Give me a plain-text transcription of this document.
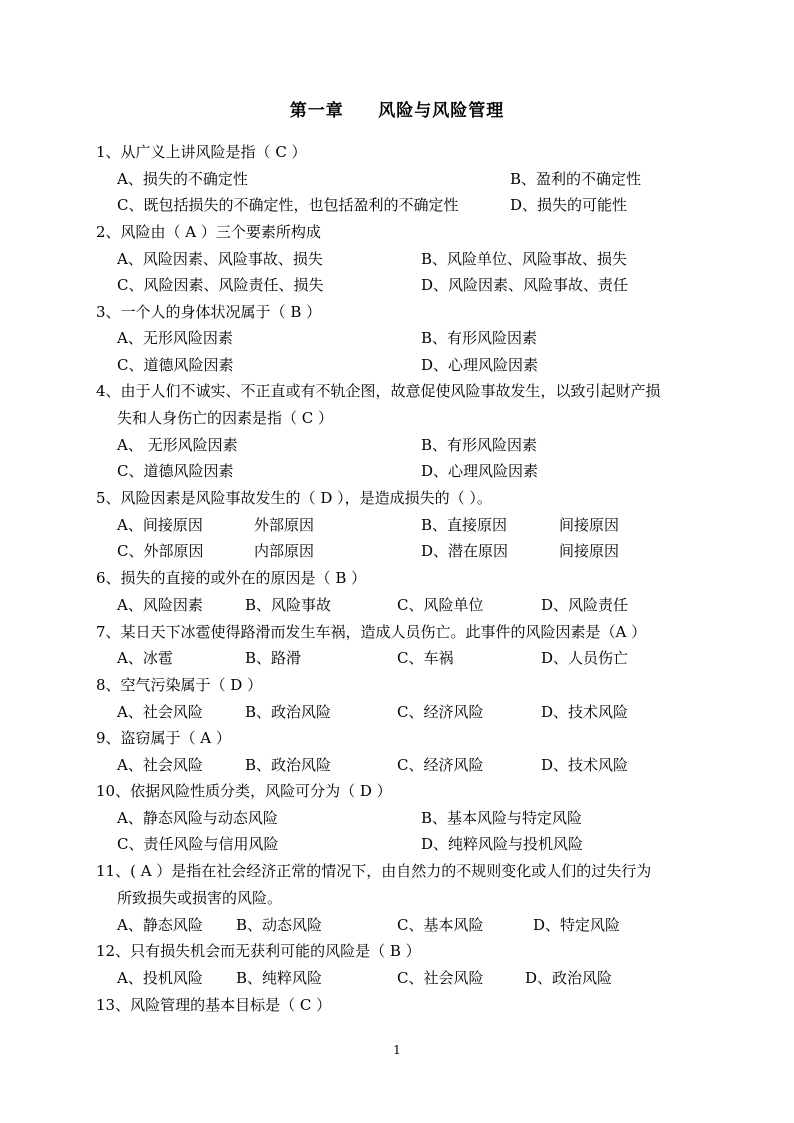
第一章     风险与风险管理
1、从广义上讲风险是指（ C ）
A、损失的不确定性	B、盈利的不确定性
C、既包括损失的不确定性，也包括盈利的不确定性	D、损失的可能性
2、风险由（ A ）三个要素所构成
A、风险因素、风险事故、损失	B、风险单位、风险事故、损失
C、风险因素、风险责任、损失	D、风险因素、风险事故、责任
3、一个人的身体状况属于（ B ）
A、无形风险因素	B、有形风险因素
C、道德风险因素	D、心理风险因素
4、由于人们不诚实、不正直或有不轨企图，故意促使风险事故发生，以致引起财产损
失和人身伤亡的因素是指（ C ）
A、 无形风险因素	B、有形风险因素
C、道德风险因素	D、心理风险因素
5、风险因素是风险事故发生的（ D ），是造成损失的（ ）。
A、间接原因	外部原因	B、直接原因	间接原因
C、外部原因	内部原因	D、潜在原因	间接原因
6、损失的直接的或外在的原因是（ B ）
A、风险因素	B、风险事故	C、风险单位	D、风险责任
7、某日天下冰雹使得路滑而发生车祸，造成人员伤亡。此事件的风险因素是（A ）
A、冰雹	B、路滑	C、车祸	D、人员伤亡
8、空气污染属于（ D ）
A、社会风险	B、政治风险	C、经济风险	D、技术风险
9、盗窃属于（ A ）
A、社会风险	B、政治风险	C、经济风险	D、技术风险
10、依据风险性质分类，风险可分为（ D ）
A、静态风险与动态风险	B、基本风险与特定风险
C、责任风险与信用风险	D、纯粹风险与投机风险
11、( A ）是指在社会经济正常的情况下，由自然力的不规则变化或人们的过失行为
所致损失或损害的风险。
A、静态风险 B、动态风险	C、基本风险	D、特定风险
12、只有损失机会而无获利可能的风险是（ B ）
A、投机风险 B、纯粹风险	C、社会风险	D、政治风险
13、风险管理的基本目标是（ C ）
1
